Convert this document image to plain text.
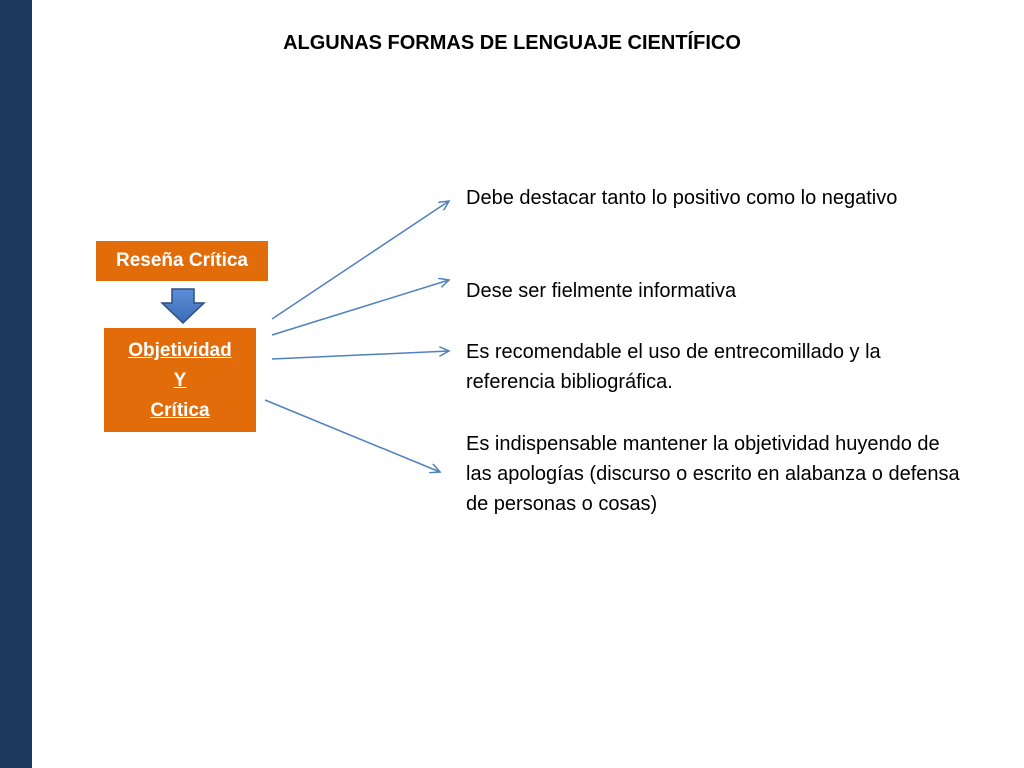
ALGUNAS FORMAS DE LENGUAJE CIENTÍFICO
Reseña Crítica
Objetividad
Y
Crítica
Debe destacar tanto lo positivo como lo negativo
Dese ser fielmente informativa
Es recomendable el uso de entrecomillado y la referencia bibliográfica.
Es indispensable mantener la objetividad huyendo de las apologías (discurso o escrito en alabanza o defensa de personas o cosas)
